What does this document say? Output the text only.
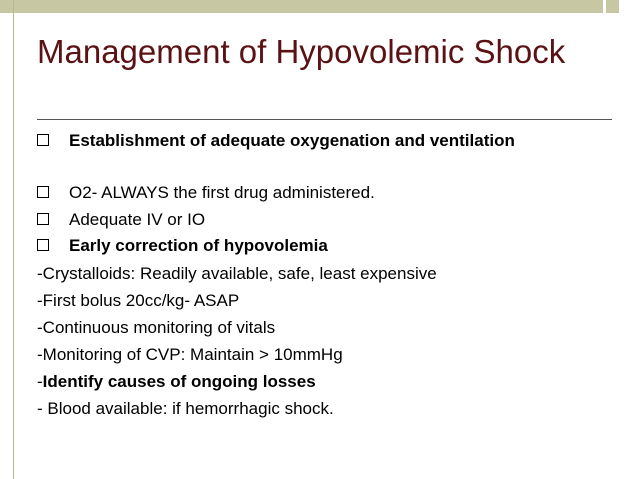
Management of Hypovolemic Shock
Establishment of adequate oxygenation and ventilation
O2- ALWAYS the first drug administered.
Adequate IV or IO
Early correction of hypovolemia
-Crystalloids: Readily available, safe, least expensive
-First bolus 20cc/kg- ASAP
-Continuous monitoring of vitals
-Monitoring of CVP: Maintain > 10mmHg
-Identify causes of ongoing losses
- Blood available: if hemorrhagic shock.
